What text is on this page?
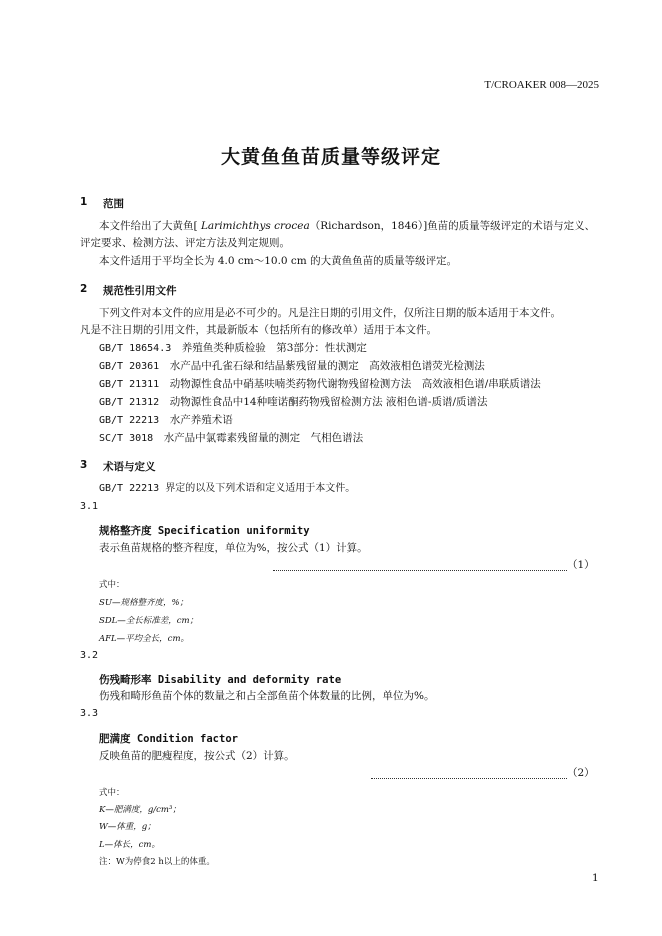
T/CROAKER 008—2025
大黄鱼鱼苗质量等级评定
1 范围
本文件给出了大黄鱼[ Larimichthys crocea（Richardson，1846）]鱼苗的质量等级评定的术语与定义、
评定要求、检测方法、评定方法及判定规则。
本文件适用于平均全长为 4.0 cm～10.0 cm 的大黄鱼鱼苗的质量等级评定。
2 规范性引用文件
下列文件对本文件的应用是必不可少的。凡是注日期的引用文件，仅所注日期的版本适用于本文件。
凡是不注日期的引用文件，其最新版本（包括所有的修改单）适用于本文件。
GB/T 18654.3　 养殖鱼类种质检验　第3部分：性状测定
GB/T 20361　 水产品中孔雀石绿和结晶紫残留量的测定　高效液相色谱荧光检测法
GB/T 21311　 动物源性食品中硝基呋喃类药物代谢物残留检测方法　高效液相色谱/串联质谱法
GB/T 21312　 动物源性食品中14种喹诺酮药物残留检测方法 液相色谱-质谱/质谱法
GB/T 22213　 水产养殖术语
SC/T 3018　 水产品中氯霉素残留量的测定　气相色谱法
3 术语与定义
GB/T 22213 界定的以及下列术语和定义适用于本文件。
3.1
规格整齐度 Specification uniformity
表示鱼苗规格的整齐程度，单位为%，按公式（1）计算。
（1）
式中：
SU—规格整齐度，%；
SDL—全长标准差，cm；
AFL—平均全长，cm。
3.2
伤残畸形率 Disability and deformity rate
伤残和畸形鱼苗个体的数量之和占全部鱼苗个体数量的比例，单位为%。
3.3
肥满度 Condition factor
反映鱼苗的肥瘦程度，按公式（2）计算。
（2）
式中：
K—肥满度，g/cm³；
W—体重，g；
L—体长，cm。
注：W为停食2 h以上的体重。
1
